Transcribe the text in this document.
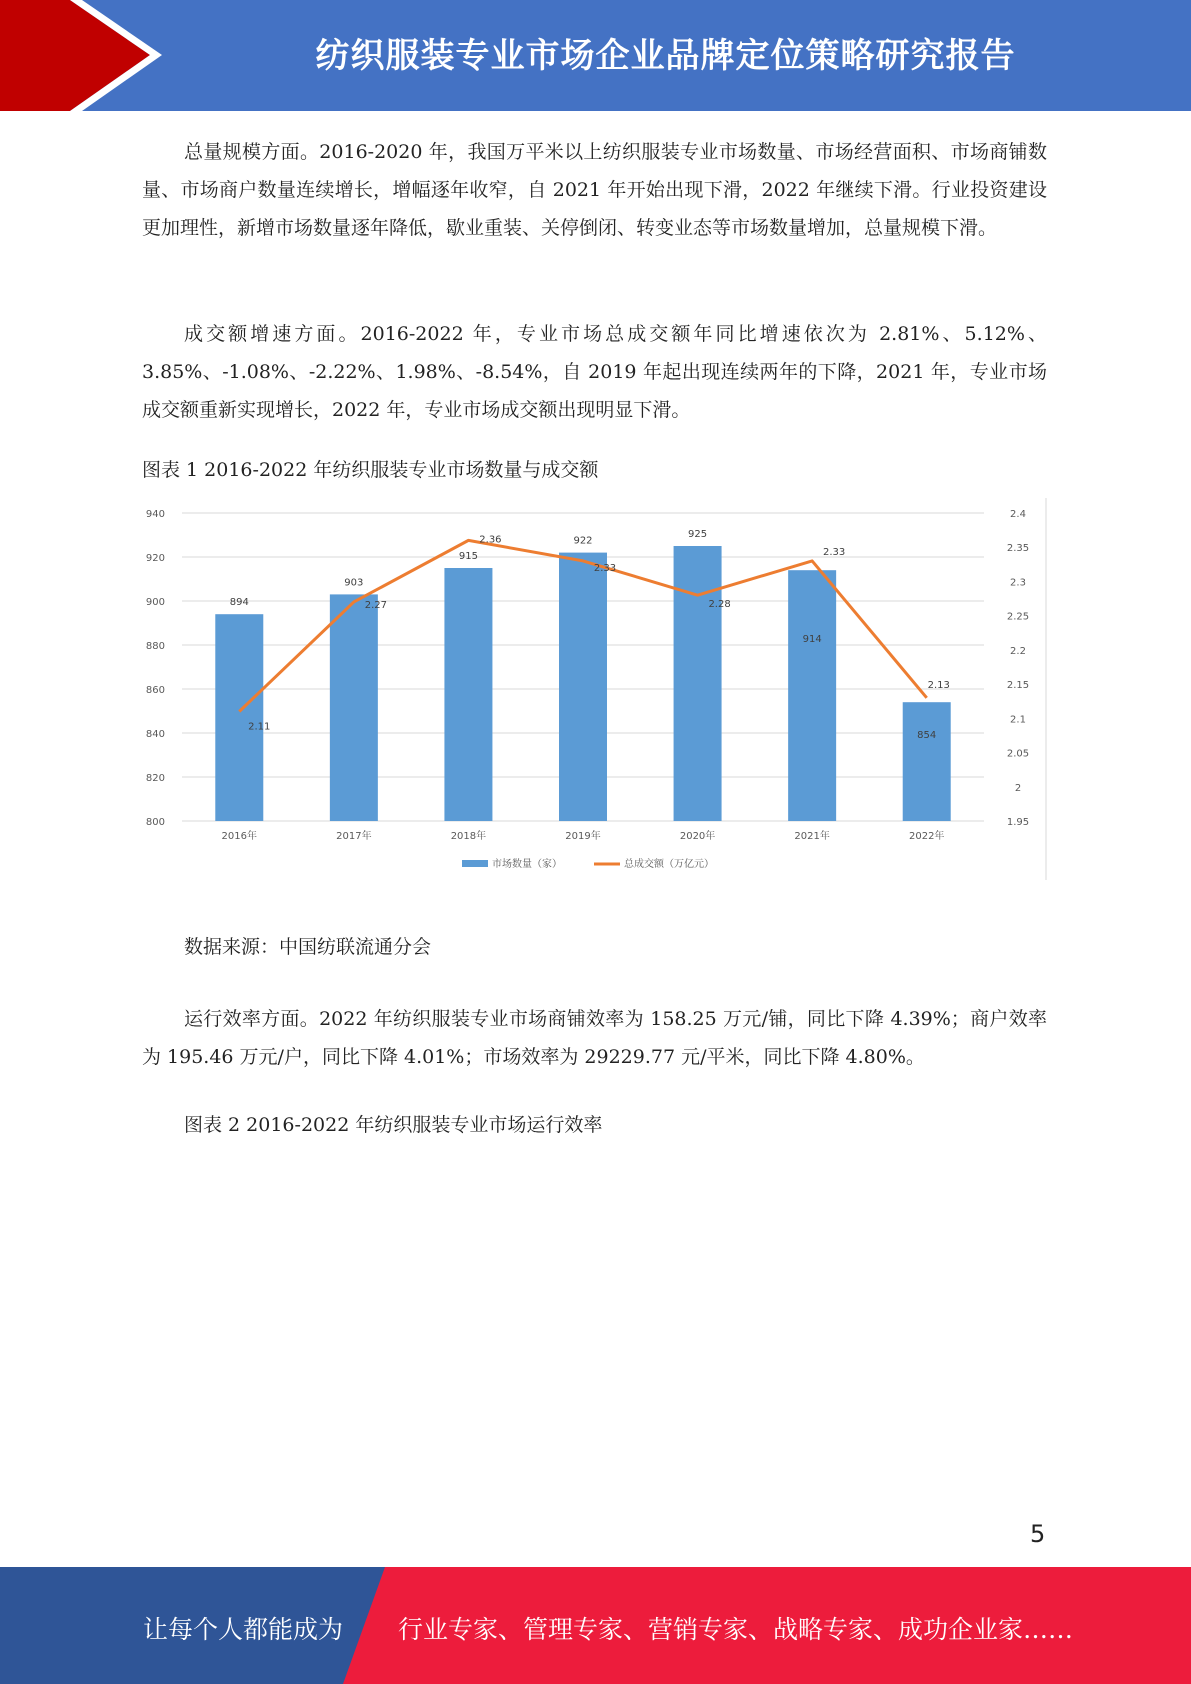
纺织服装专业市场企业品牌定位策略研究报告

总量规模方面。2016-2020 年，我国万平米以上纺织服装专业市场数量、市场经营面积、市场商铺数量、市场商户数量连续增长，增幅逐年收窄，自 2021 年开始出现下滑，2022 年继续下滑。行业投资建设更加理性，新增市场数量逐年降低，歇业重装、关停倒闭、转变业态等市场数量增加，总量规模下滑。

成交额增速方面。2016-2022 年，专业市场总成交额年同比增速依次为 2.81%、5.12%、3.85%、-1.08%、-2.22%、1.98%、-8.54%，自 2019 年起出现连续两年的下降，2021 年，专业市场成交额重新实现增长，2022 年，专业市场成交额出现明显下滑。

图表 1 2016-2022 年纺织服装专业市场数量与成交额
894
903
915
922
925
914
854
2.11
2.27
2.36
2.33
2.28
2.33
2.13
800
820
840
860
880
900
920
940
1.95
2
2.05
2.1
2.15
2.2
2.25
2.3
2.35
2.4
2016年	2017年	2018年	2019年	2020年	2021年	2022年
市场数量（家）	总成交额（万亿元）
数据来源：中国纺联流通分会

运行效率方面。2022 年纺织服装专业市场商铺效率为 158.25 万元/铺，同比下降 4.39%；商户效率为 195.46 万元/户，同比下降 4.01%；市场效率为 29229.77 元/平米，同比下降 4.80%。

图表 2 2016-2022 年纺织服装专业市场运行效率
5
让每个人都能成为 行业专家、管理专家、营销专家、战略专家、成功企业家……
